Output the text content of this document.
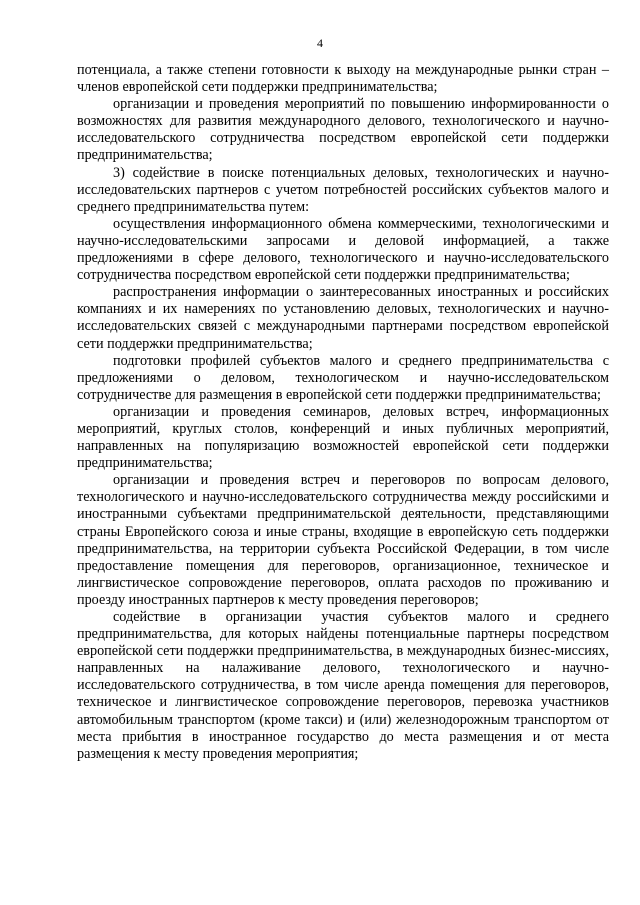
4

потенциала, а также степени готовности к выходу на международные рынки стран – членов европейской сети поддержки предпринимательства;

организации и проведения мероприятий по повышению информированности о возможностях для развития международного делового, технологического и научно-исследовательского сотрудничества посредством европейской сети поддержки предпринимательства;

3) содействие в поиске потенциальных деловых, технологических и научно-исследовательских партнеров с учетом потребностей российских субъектов малого и среднего предпринимательства путем:

осуществления информационного обмена коммерческими, технологическими и научно-исследовательскими запросами и деловой информацией, а также предложениями в сфере делового, технологического и научно-исследовательского сотрудничества посредством европейской сети поддержки предпринимательства;

распространения информации о заинтересованных иностранных и российских компаниях и их намерениях по установлению деловых, технологических и научно-исследовательских связей с международными партнерами посредством европейской сети поддержки предпринимательства;

подготовки профилей субъектов малого и среднего предпринимательства с предложениями о деловом, технологическом и научно-исследовательском сотрудничестве для размещения в европейской сети поддержки предпринимательства;

организации и проведения семинаров, деловых встреч, информационных мероприятий, круглых столов, конференций и иных публичных мероприятий, направленных на популяризацию возможностей европейской сети поддержки предпринимательства;

организации и проведения встреч и переговоров по вопросам делового, технологического и научно-исследовательского сотрудничества между российскими и иностранными субъектами предпринимательской деятельности, представляющими страны Европейского союза и иные страны, входящие в европейскую сеть поддержки предпринимательства, на территории субъекта Российской Федерации, в том числе предоставление помещения для переговоров, организационное, техническое и лингвистическое сопровождение переговоров, оплата расходов по проживанию и проезду иностранных партнеров к месту проведения переговоров;

содействие в организации участия субъектов малого и среднего предпринимательства, для которых найдены потенциальные партнеры посредством европейской сети поддержки предпринимательства, в международных бизнес-миссиях, направленных на налаживание делового, технологического и научно-исследовательского сотрудничества, в том числе аренда помещения для переговоров, техническое и лингвистическое сопровождение переговоров, перевозка участников автомобильным транспортом (кроме такси) и (или) железнодорожным транспортом от места прибытия в иностранное государство до места размещения и от места размещения к месту проведения мероприятия;
